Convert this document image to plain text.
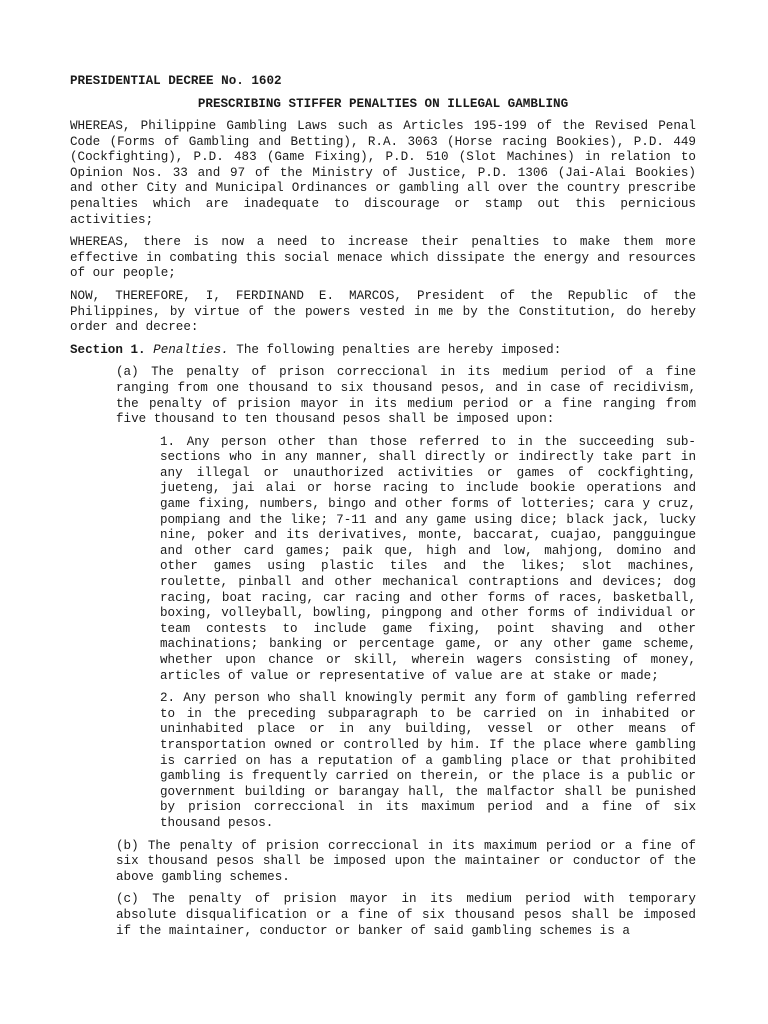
PRESIDENTIAL DECREE No. 1602
PRESCRIBING STIFFER PENALTIES ON ILLEGAL GAMBLING

WHEREAS, Philippine Gambling Laws such as Articles 195-199 of the Revised Penal Code (Forms of Gambling and Betting), R.A. 3063 (Horse racing Bookies), P.D. 449 (Cockfighting), P.D. 483 (Game Fixing), P.D. 510 (Slot Machines) in relation to Opinion Nos. 33 and 97 of the Ministry of Justice, P.D. 1306 (Jai-Alai Bookies) and other City and Municipal Ordinances or gambling all over the country prescribe penalties which are inadequate to discourage or stamp out this pernicious activities;

WHEREAS, there is now a need to increase their penalties to make them more effective in combating this social menace which dissipate the energy and resources of our people;

NOW, THEREFORE, I, FERDINAND E. MARCOS, President of the Republic of the Philippines, by virtue of the powers vested in me by the Constitution, do hereby order and decree:

Section 1. Penalties. The following penalties are hereby imposed:

(a) The penalty of prison correccional in its medium period of a fine ranging from one thousand to six thousand pesos, and in case of recidivism, the penalty of prision mayor in its medium period or a fine ranging from five thousand to ten thousand pesos shall be imposed upon:

1. Any person other than those referred to in the succeeding sub-sections who in any manner, shall directly or indirectly take part in any illegal or unauthorized activities or games of cockfighting, jueteng, jai alai or horse racing to include bookie operations and game fixing, numbers, bingo and other forms of lotteries; cara y cruz, pompiang and the like; 7-11 and any game using dice; black jack, lucky nine, poker and its derivatives, monte, baccarat, cuajao, pangguingue and other card games; paik que, high and low, mahjong, domino and other games using plastic tiles and the likes; slot machines, roulette, pinball and other mechanical contraptions and devices; dog racing, boat racing, car racing and other forms of races, basketball, boxing, volleyball, bowling, pingpong and other forms of individual or team contests to include game fixing, point shaving and other machinations; banking or percentage game, or any other game scheme, whether upon chance or skill, wherein wagers consisting of money, articles of value or representative of value are at stake or made;

2. Any person who shall knowingly permit any form of gambling referred to in the preceding subparagraph to be carried on in inhabited or uninhabited place or in any building, vessel or other means of transportation owned or controlled by him. If the place where gambling is carried on has a reputation of a gambling place or that prohibited gambling is frequently carried on therein, or the place is a public or government building or barangay hall, the malfactor shall be punished by prision correccional in its maximum period and a fine of six thousand pesos.

(b) The penalty of prision correccional in its maximum period or a fine of six thousand pesos shall be imposed upon the maintainer or conductor of the above gambling schemes.

(c) The penalty of prision mayor in its medium period with temporary absolute disqualification or a fine of six thousand pesos shall be imposed if the maintainer, conductor or banker of said gambling schemes is a
